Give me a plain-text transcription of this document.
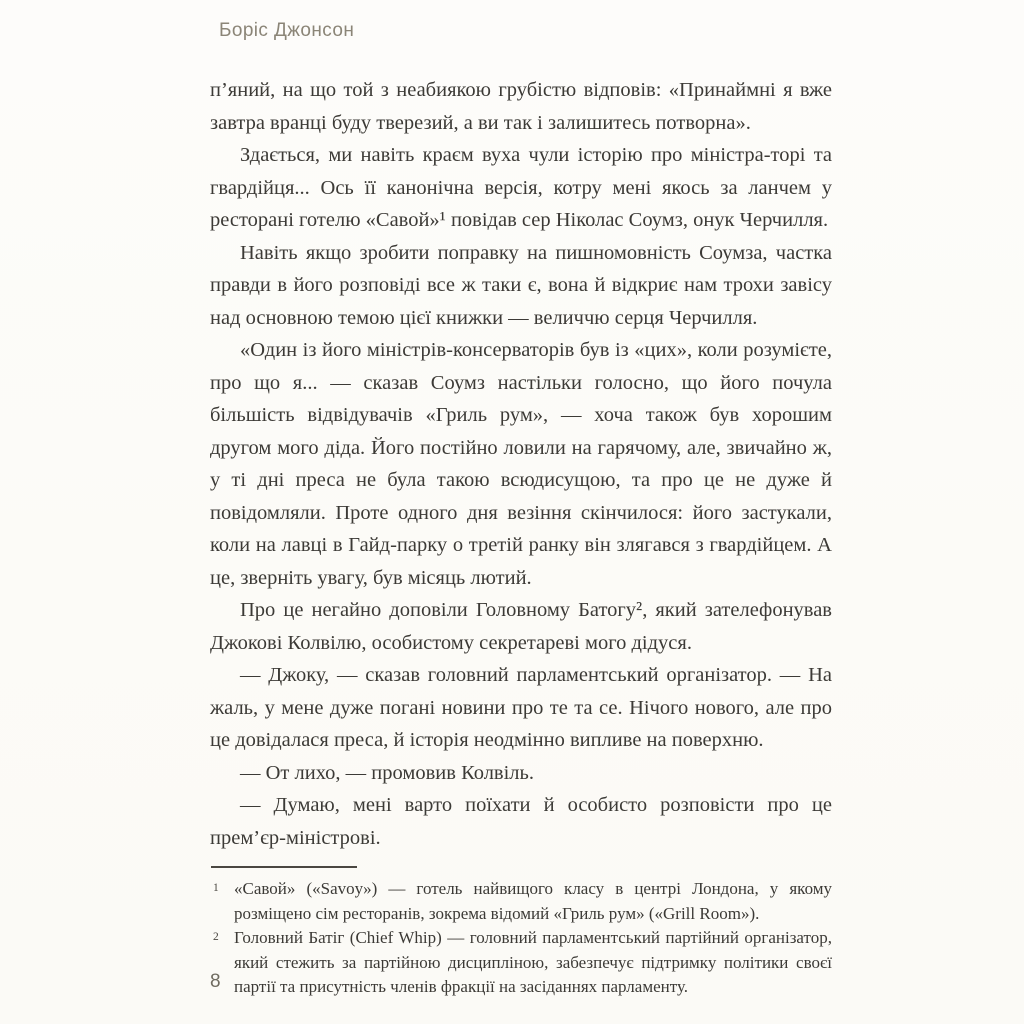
Боріс Джонсон

п’яний, на що той з неабиякою грубістю відповів: «Принаймні я вже завтра вранці буду тверезий, а ви так і залишитесь потворна».

Здається, ми навіть краєм вуха чули історію про міністра-торі та гвардійця... Ось її канонічна версія, котру мені якось за ланчем у ресторані готелю «Савой»¹ повідав сер Ніколас Соумз, онук Черчилля.

Навіть якщо зробити поправку на пишномовність Соумза, частка правди в його розповіді все ж таки є, вона й відкриє нам трохи завісу над основною темою цієї книжки — величчю серця Черчилля.

«Один із його міністрів-консерваторів був із «цих», коли розумієте, про що я... — сказав Соумз настільки голосно, що його почула більшість відвідувачів «Гриль рум», — хоча також був хорошим другом мого діда. Його постійно ловили на гарячому, але, звичайно ж, у ті дні преса не була такою всюдисущою, та про це не дуже й повідомляли. Проте одного дня везіння скінчилося: його застукали, коли на лавці в Гайд-парку о третій ранку він злягався з гвардійцем. А це, зверніть увагу, був місяць лютий.

Про це негайно доповіли Головному Батогу², який зателефонував Джокові Колвілю, особистому секретареві мого дідуся.

— Джоку, — сказав головний парламентський організатор. — На жаль, у мене дуже погані новини про те та се. Нічого нового, але про це довідалася преса, й історія неодмінно випливе на поверхню.

— От лихо, — промовив Колвіль.

— Думаю, мені варто поїхати й особисто розповісти про це прем’єр-міністрові.

1 «Савой» («Savoy») — готель найвищого класу в центрі Лондона, у якому розміщено сім ресторанів, зокрема відомий «Гриль рум» («Grill Room»).
2 Головний Батіг (Chief Whip) — головний парламентський партійний організатор, який стежить за партійною дисципліною, забезпечує підтримку політики своєї партії та присутність членів фракції на засіданнях парламенту.
8
